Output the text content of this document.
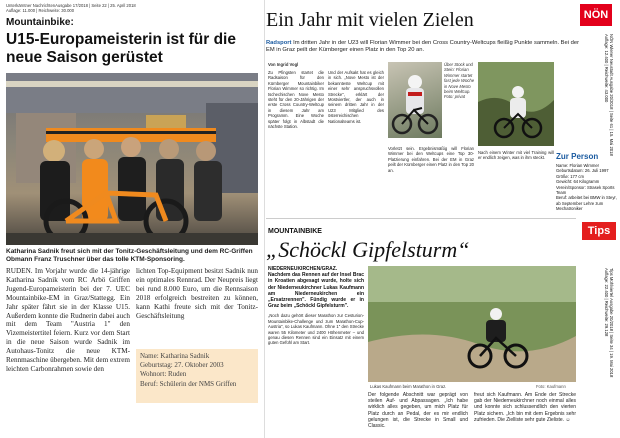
Unterkärntner NachrichtenAusgabe 17/2018 | Seite 22 | 25. April 2018
Auflage: 11.000 | Reichweite: 30.000
Mountainbike:
U15-Europameisterin ist für die neue Saison gerüstet
Katharina Sadnik freut sich mit der Tonitz-Geschäftsleitung und dem RC-Griffen Obmann Franz Truschner über das tolle KTM-Sponsoring.
RUDEN. Im Vorjahr wurde die 14-jährige Katharina Sadnik vom RC Arbö Griffen Jugend-Europameisterin bei der 7. UEC Mountainbike-EM in Graz/Stattegg. Ein Jahr später fährt sie in der Klasse U15. Außerdem konnte die Rudnerin dabei auch mit dem Team "Austria 1" den Vizemeistertitel feiern. Kurz vor dem Start in die neue Saison wurde Sadnik im Autohaus-Tonitz die neue KTM-Rennmaschine übergeben. Mit dem extrem leichten Carbonrahmen sowie den
lichten Top-Equipment besitzt Sadnik nun ein optimales Rennrad. Der Neupreis liegt bei rund 8.000 Euro, um die Rennsaison 2018 erfolgreich bestreiten zu können, kann Kathi freute sich mit der Tonitz-Geschäftsleitung
Name: Katharina Sadnik
Geburtstag: 27. Oktober 2003
Wohnort: Ruden
Beruf: Schülerin der NMS Griffen
NÖN
NÖN Wiener Neustadt Ausgabe 20/2018 | Seite 61 | 15. Mai 2018
Auflage: 12.400 | Reichweite: 43.000
Tips Mühlviertel Ausgabe 20/2018 | Seite 34 | 19. Mai 2018
Auflage: 22.400 | Reichweite: 29.128
Ein Jahr mit vielen Zielen
Radsport Im dritten Jahr in der U23 will Florian Wimmer bei den Cross Country-Weltcups fleißig Punkte sammeln. Bei der EM in Graz peilt der Kürnberger einen Platz in den Top 20 an.
Von Ingrid Vogl
Zu Pfingsten startet die Radsaison für den Kürnberger Mountainbiker Florian Wimmer so richtig. Im tschechischen Nove Mesto steht für den 20-Jährigen der erste Cross Country-Weltcup in diesem Jahr am Programm. Eine Woche später folgt in Albstadt die nächste Station.
Und der Aufsakt hat es gleich in sich. „Nove Mesto ist der bekannteste Weltcup mit einer sehr anspruchsvollen Strecke", erklärt der Mostviertler, der auch in seinem dritten Jahr in der U23 Mitglied des österreichischen Nationalteams ist.
Über Stock und Stein: Florian Wimmer startet fast jede Woche in Nove Mesto beim Weltcup. Foto: privat
Vorletzt sein. Ergebnismäßig will Florian Wimmer bei den Weltcups eine Top 30-Platzierung einfahren. Bei der EM in Graz peilt der Kürnberger einen Platz in den Top 20 an.
Nach einem Winter mit viel Training will er endlich zeigen, was in ihm steckt.	Zur Person
Name: Florian Wimmer
Geburtsdatum: 26. Juli 1997
Größe: 177 cm
Gewicht: 64 Kilogramm
Verein/Sponsor: Strasek Sports Team
Beruf: arbeitet bei BMW in Steyr, ab September Lehre zum Mechatroniker
Tips
MOUNTAINBIKE
„Schöckl Gipfelsturm“
NIEDERNEUKIRCHEN/GRAZ.
Nachdem das Rennen auf der Insel Brac in Kroatien abgesagt wurde, holte sich der Niederneukirchner Lukas Kaufmann am Niederneukirchen ein „Ersatzrennen". Fündig wurde er in Graz beim „Schöckl Gipfelsturm".
„Noch dazu gehört dieser Marathon zur Cesturion-Mountainbike-Challenge und zum Marathon-Cup-Austria", so Lukas Kaufmann. Ohne 1" den Strecke waren 55 Kilometer und 2400 Höhenmeter – und genau diesen Rennen sind ein Einsatz mit einem guten Gefühl am Start.
Lukas Kaufmann beim Marathon in Graz.	Foto: Kaufmann
Der folgende Abschnitt war geprägt von steilen Auf- und Abpassagen. „Ich habe wirklich alles gegeben, um mich Platz für Platz durch an Pedal, der es mir endlich gelungen ist, die Strecke in Small und Classic.
freut sich Kaufmann. Am Ende der Strecke gab der Niederneukirchner noch einmal alles und konnte sich schlussendlich den vierten Platz sichern. „Ich bin mit dem Ergebnis sehr zufrieden. Die Zielliste sehr gute Zieliste. ☺
